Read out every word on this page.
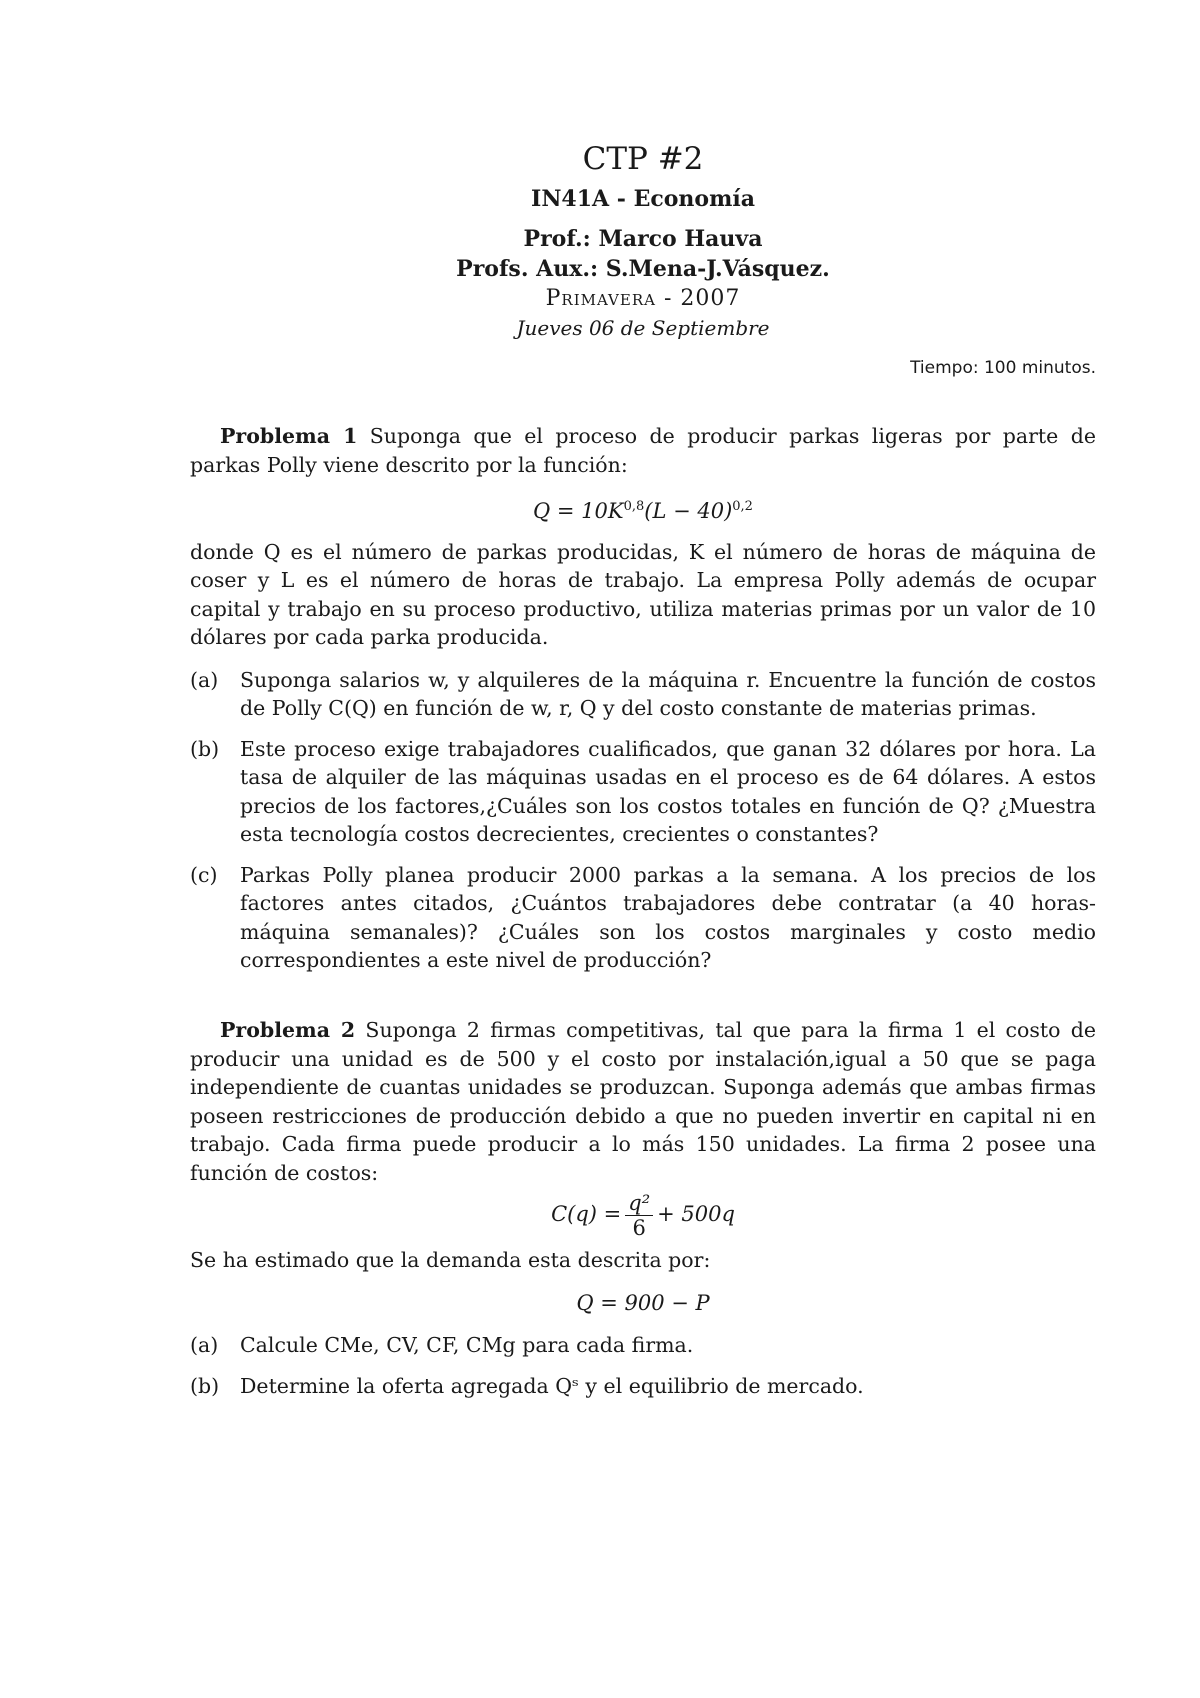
CTP #2
IN41A - Economía
Prof.: Marco Hauva
Profs. Aux.: S.Mena-J.Vásquez.
Primavera - 2007
Jueves 06 de Septiembre
Tiempo: 100 minutos.

Problema 1 Suponga que el proceso de producir parkas ligeras por parte de parkas Polly viene descrito por la función:

$Q = 10K^{0,8}(L - 40)^{0,2}$

donde Q es el número de parkas producidas, K el número de horas de máquina de coser y L es el número de horas de trabajo. La empresa Polly además de ocupar capital y trabajo en su proceso productivo, utiliza materias primas por un valor de 10 dólares por cada parka producida.

(a) Suponga salarios w, y alquileres de la máquina r. Encuentre la función de costos de Polly C(Q) en función de w, r, Q y del costo constante de materias primas.

(b) Este proceso exige trabajadores cualificados, que ganan 32 dólares por hora. La tasa de alquiler de las máquinas usadas en el proceso es de 64 dólares. A estos precios de los factores,¿Cuáles son los costos totales en función de Q? ¿Muestra esta tecnología costos decrecientes, crecientes o constantes?

(c) Parkas Polly planea producir 2000 parkas a la semana. A los precios de los factores antes citados, ¿Cuántos trabajadores debe contratar (a 40 horas-máquina semanales)? ¿Cuáles son los costos marginales y costo medio correspondientes a este nivel de producción?

Problema 2 Suponga 2 firmas competitivas, tal que para la firma 1 el costo de producir una unidad es de 500 y el costo por instalación,igual a 50 que se paga independiente de cuantas unidades se produzcan. Suponga además que ambas firmas poseen restricciones de producción debido a que no pueden invertir en capital ni en trabajo. Cada firma puede producir a lo más 150 unidades. La firma 2 posee una función de costos:

$C(q) = \frac{\text{q²}}{6} + 500q$

Se ha estimado que la demanda esta descrita por:

Q = 900 − P

(a) Calcule CMe, CV, CF, CMg para cada firma.

(b) Determine la oferta agregada Qˢ y el equilibrio de mercado.
